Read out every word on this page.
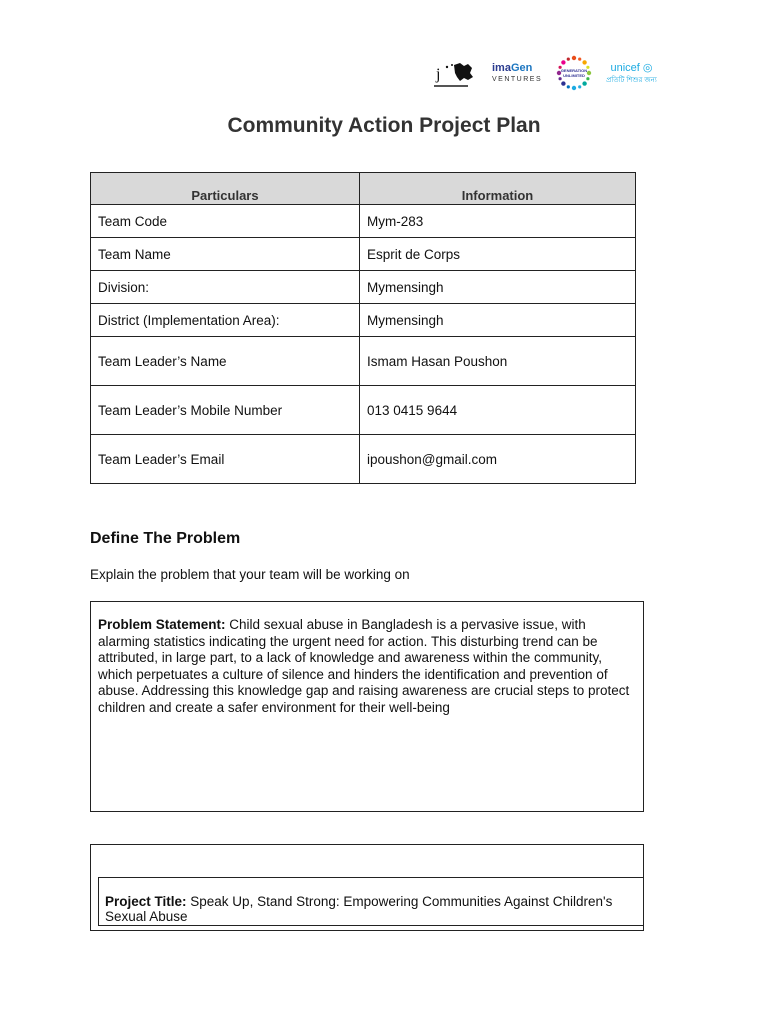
j	imaGen
VENTURES
GENERATION
UNLIMITED
unicef ◎
প্রতিটি শিশুর জন্য
Community Action Project Plan
Particulars	Information
Team Code	Mym-283
Team Name	Esprit de Corps
Division:	Mymensingh
District (Implementation Area):	Mymensingh
Team Leader’s Name	Ismam Hasan Poushon
Team Leader’s Mobile Number	013 0415 9644
Team Leader’s Email	ipoushon@gmail.com
Define The Problem

Explain the problem that your team will be working on

Problem Statement: Child sexual abuse in Bangladesh is a pervasive issue, with alarming statistics indicating the urgent need for action. This disturbing trend can be attributed, in large part, to a lack of knowledge and awareness within the community, which perpetuates a culture of silence and hinders the identification and prevention of abuse. Addressing this knowledge gap and raising awareness are crucial steps to protect children and create a safer environment for their well-being
Project Title: Speak Up, Stand Strong: Empowering Communities Against Children's Sexual Abuse
